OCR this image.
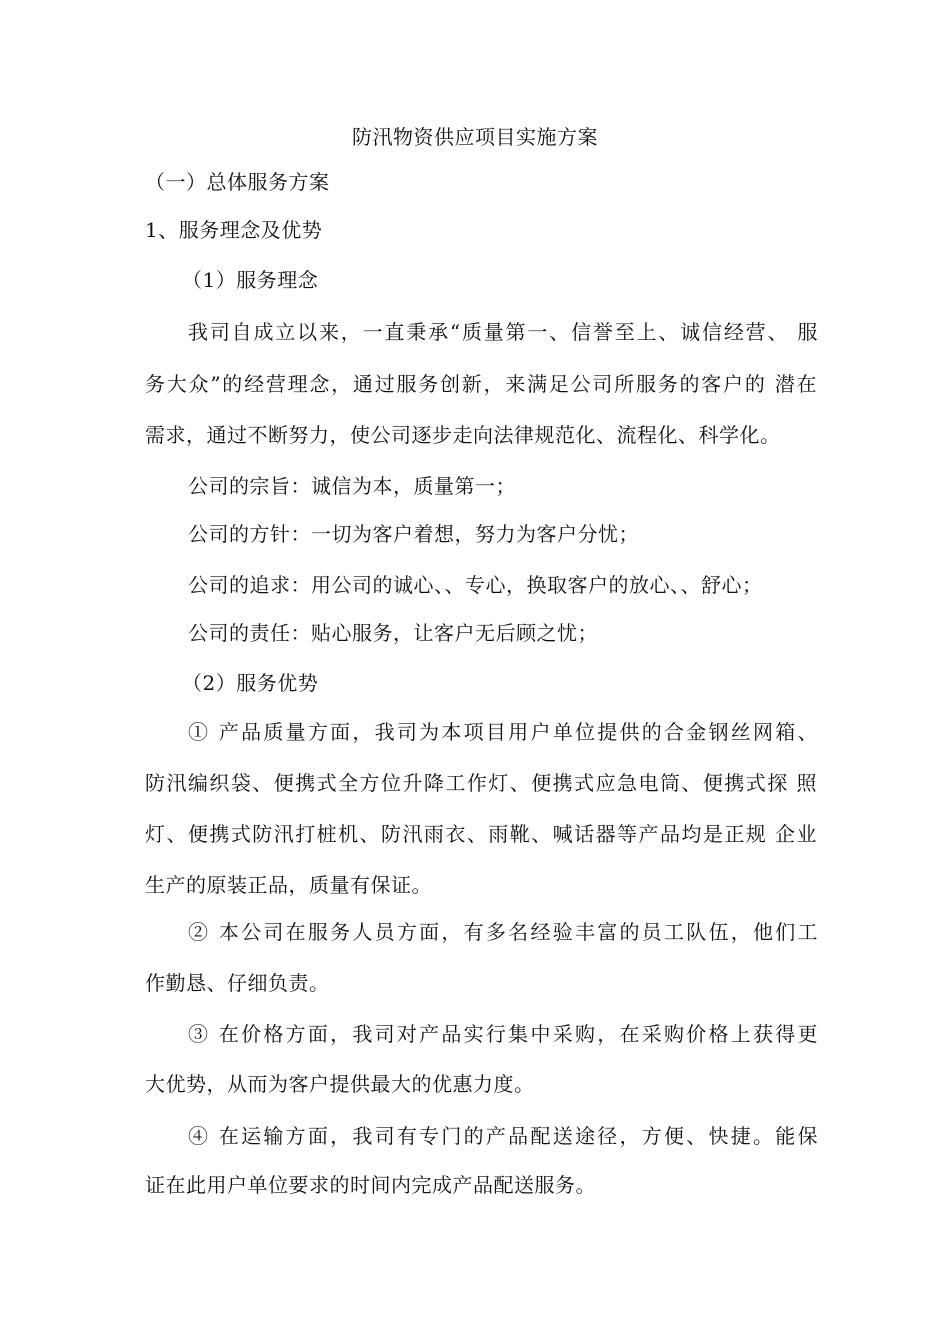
防汛物资供应项目实施方案
（一）总体服务方案
1、服务理念及优势
（1）服务理念
我司自成立以来，一直秉承“质量第一、信誉至上、诚信经营、 服
务大众”的经营理念，通过服务创新，来满足公司所服务的客户的 潜在
需求，通过不断努力，使公司逐步走向法律规范化、流程化、科学化。
公司的宗旨：诚信为本，质量第一；
公司的方针：一切为客户着想，努力为客户分忧；
公司的追求：用公司的诚心、、专心，换取客户的放心、、舒心；
公司的责任：贴心服务，让客户无后顾之忧；
（2）服务优势
① 产品质量方面，我司为本项目用户单位提供的合金钢丝网箱、
防汛编织袋、便携式全方位升降工作灯、便携式应急电筒、便携式探 照
灯、便携式防汛打桩机、防汛雨衣、雨靴、喊话器等产品均是正规 企业
生产的原装正品，质量有保证。
② 本公司在服务人员方面，有多名经验丰富的员工队伍，他们工
作勤恳、仔细负责。
③ 在价格方面，我司对产品实行集中采购，在采购价格上获得更
大优势，从而为客户提供最大的优惠力度。
④ 在运输方面，我司有专门的产品配送途径，方便、快捷。能保
证在此用户单位要求的时间内完成产品配送服务。
